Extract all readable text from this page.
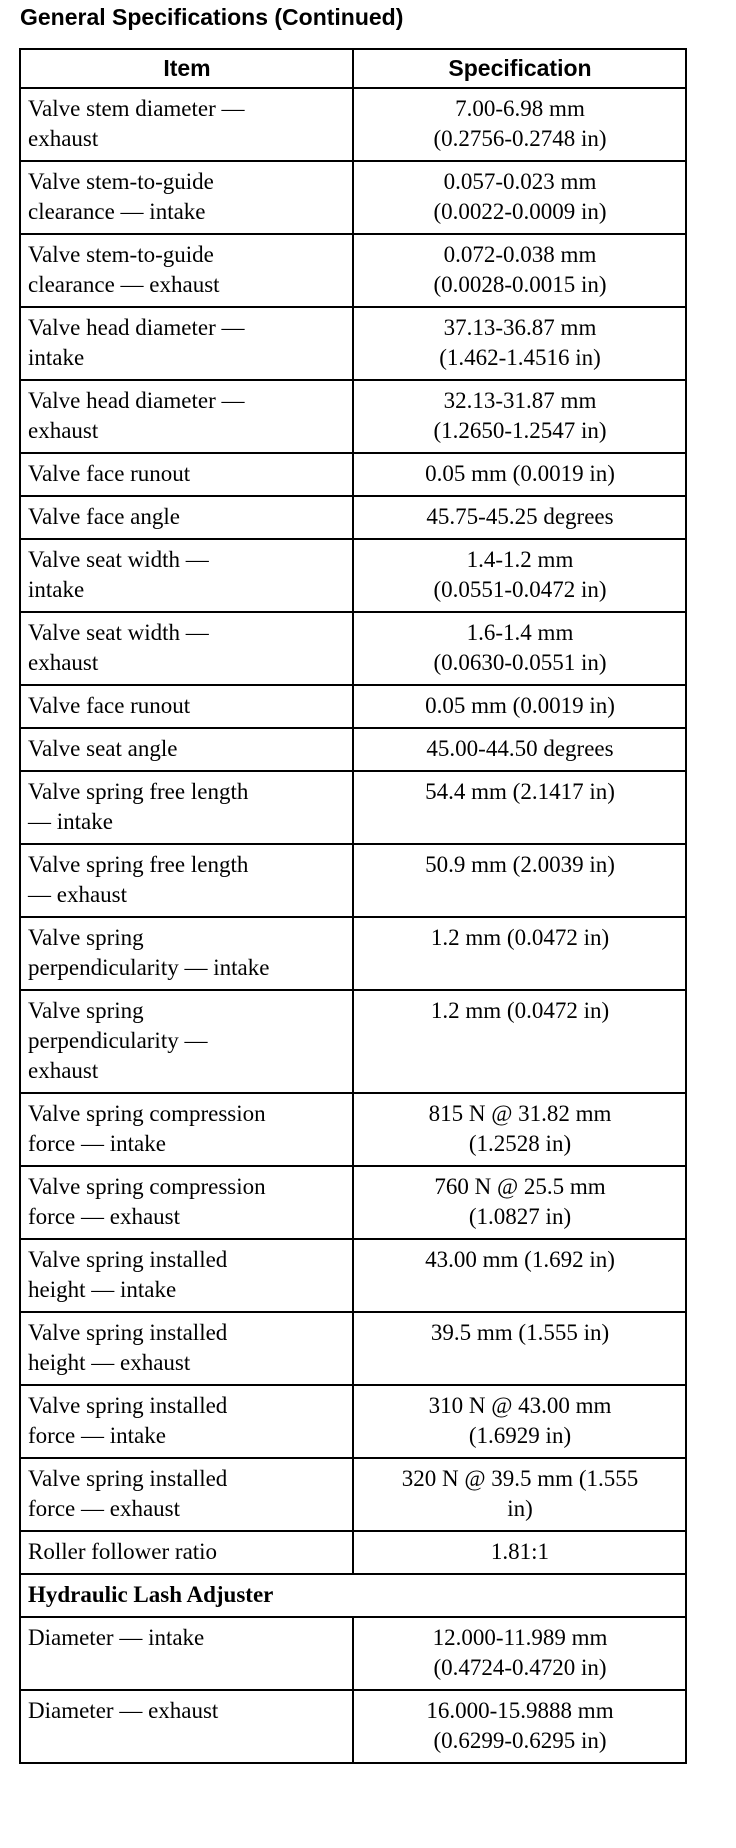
General Specifications (Continued)
Item	Specification

Valve stem diameter —
exhaust	7.00-6.98 mm
(0.2756-0.2748 in)

Valve stem-to-guide
clearance — intake	0.057-0.023 mm
(0.0022-0.0009 in)

Valve stem-to-guide
clearance — exhaust	0.072-0.038 mm
(0.0028-0.0015 in)

Valve head diameter —
intake	37.13-36.87 mm
(1.462-1.4516 in)

Valve head diameter —
exhaust	32.13-31.87 mm
(1.2650-1.2547 in)

Valve face runout	0.05 mm (0.0019 in)

Valve face angle	45.75-45.25 degrees

Valve seat width —
intake	1.4-1.2 mm
(0.0551-0.0472 in)

Valve seat width —
exhaust	1.6-1.4 mm
(0.0630-0.0551 in)

Valve face runout	0.05 mm (0.0019 in)

Valve seat angle	45.00-44.50 degrees

Valve spring free length
— intake	54.4 mm (2.1417 in)

Valve spring free length
— exhaust	50.9 mm (2.0039 in)

Valve spring
perpendicularity — intake	1.2 mm (0.0472 in)

Valve spring
perpendicularity —
exhaust	1.2 mm (0.0472 in)

Valve spring compression
force — intake	815 N @ 31.82 mm
(1.2528 in)

Valve spring compression
force — exhaust	760 N @ 25.5 mm
(1.0827 in)

Valve spring installed
height — intake	43.00 mm (1.692 in)

Valve spring installed
height — exhaust	39.5 mm (1.555 in)

Valve spring installed
force — intake	310 N @ 43.00 mm
(1.6929 in)

Valve spring installed
force — exhaust	320 N @ 39.5 mm (1.555
in)

Roller follower ratio	1.81:1

Hydraulic Lash Adjuster	

Diameter — intake	12.000-11.989 mm
(0.4724-0.4720 in)

Diameter — exhaust	16.000-15.9888 mm
(0.6299-0.6295 in)
